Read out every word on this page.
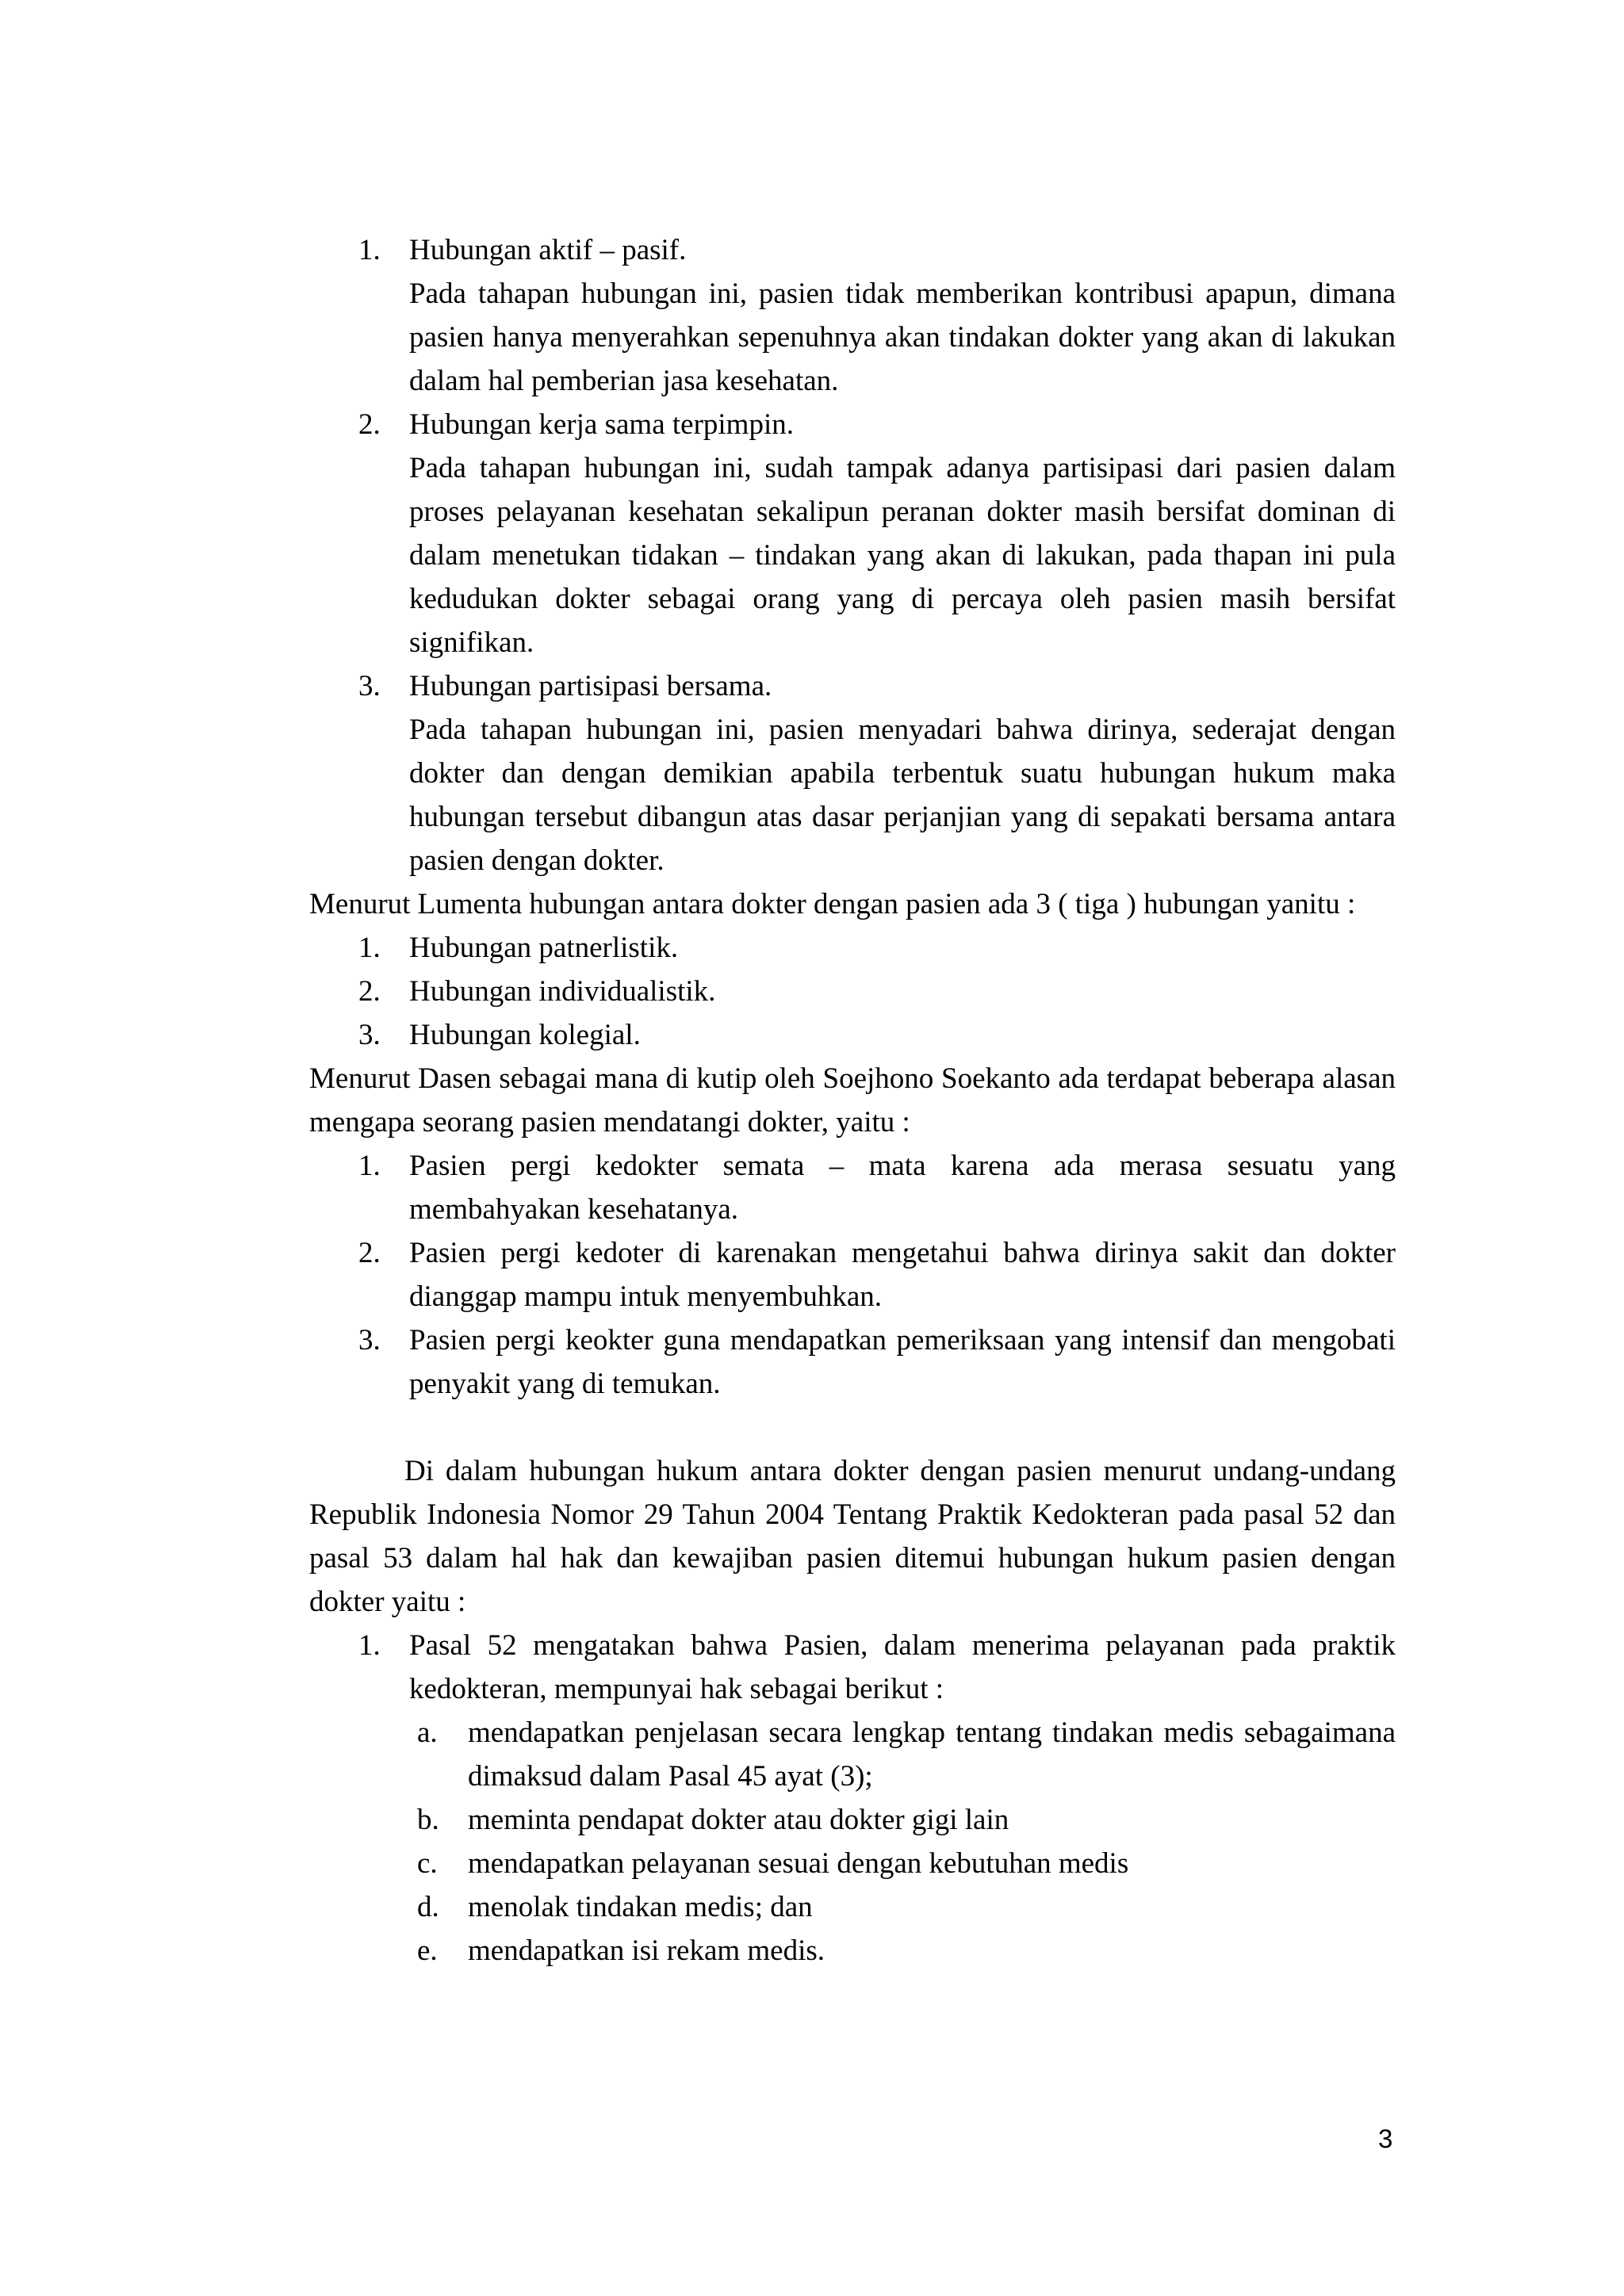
1. Hubungan aktif – pasif.

Pada tahapan hubungan ini, pasien tidak memberikan kontribusi apapun, dimana pasien hanya menyerahkan sepenuhnya akan tindakan dokter yang akan di lakukan dalam hal pemberian jasa kesehatan.

2. Hubungan kerja sama terpimpin.

Pada tahapan hubungan ini, sudah tampak adanya partisipasi dari pasien dalam proses pelayanan kesehatan sekalipun peranan dokter masih bersifat dominan di dalam menetukan tidakan – tindakan yang akan di lakukan, pada thapan ini pula kedudukan dokter sebagai orang yang di percaya oleh pasien masih bersifat signifikan.

3. Hubungan partisipasi bersama.

Pada tahapan hubungan ini, pasien menyadari bahwa dirinya, sederajat dengan dokter dan dengan demikian apabila terbentuk suatu hubungan hukum maka hubungan tersebut dibangun atas dasar perjanjian yang di sepakati bersama antara pasien dengan dokter.

Menurut Lumenta hubungan antara dokter dengan pasien ada 3 ( tiga ) hubungan yanitu :

1. Hubungan patnerlistik.

2. Hubungan individualistik.

3. Hubungan kolegial.

Menurut Dasen sebagai mana di kutip oleh Soejhono Soekanto ada terdapat beberapa alasan mengapa seorang pasien mendatangi dokter, yaitu :

1. Pasien pergi kedokter semata – mata karena ada merasa sesuatu yang membahyakan kesehatanya.

2. Pasien pergi kedoter di karenakan mengetahui bahwa dirinya sakit dan dokter dianggap mampu intuk menyembuhkan.

3. Pasien pergi keokter guna mendapatkan pemeriksaan yang intensif dan mengobati penyakit yang di temukan.

Di dalam hubungan hukum antara dokter dengan pasien menurut undang-undang Republik Indonesia Nomor 29 Tahun 2004 Tentang Praktik Kedokteran pada pasal 52 dan pasal 53 dalam hal hak dan kewajiban pasien ditemui hubungan hukum pasien dengan dokter yaitu :

1. Pasal 52 mengatakan bahwa Pasien, dalam menerima pelayanan pada praktik kedokteran, mempunyai hak sebagai berikut :

a. mendapatkan penjelasan secara lengkap tentang tindakan medis sebagaimana dimaksud dalam Pasal 45 ayat (3);

b. meminta pendapat dokter atau dokter gigi lain

c. mendapatkan pelayanan sesuai dengan kebutuhan medis

d. menolak tindakan medis; dan

e. mendapatkan isi rekam medis.

3
